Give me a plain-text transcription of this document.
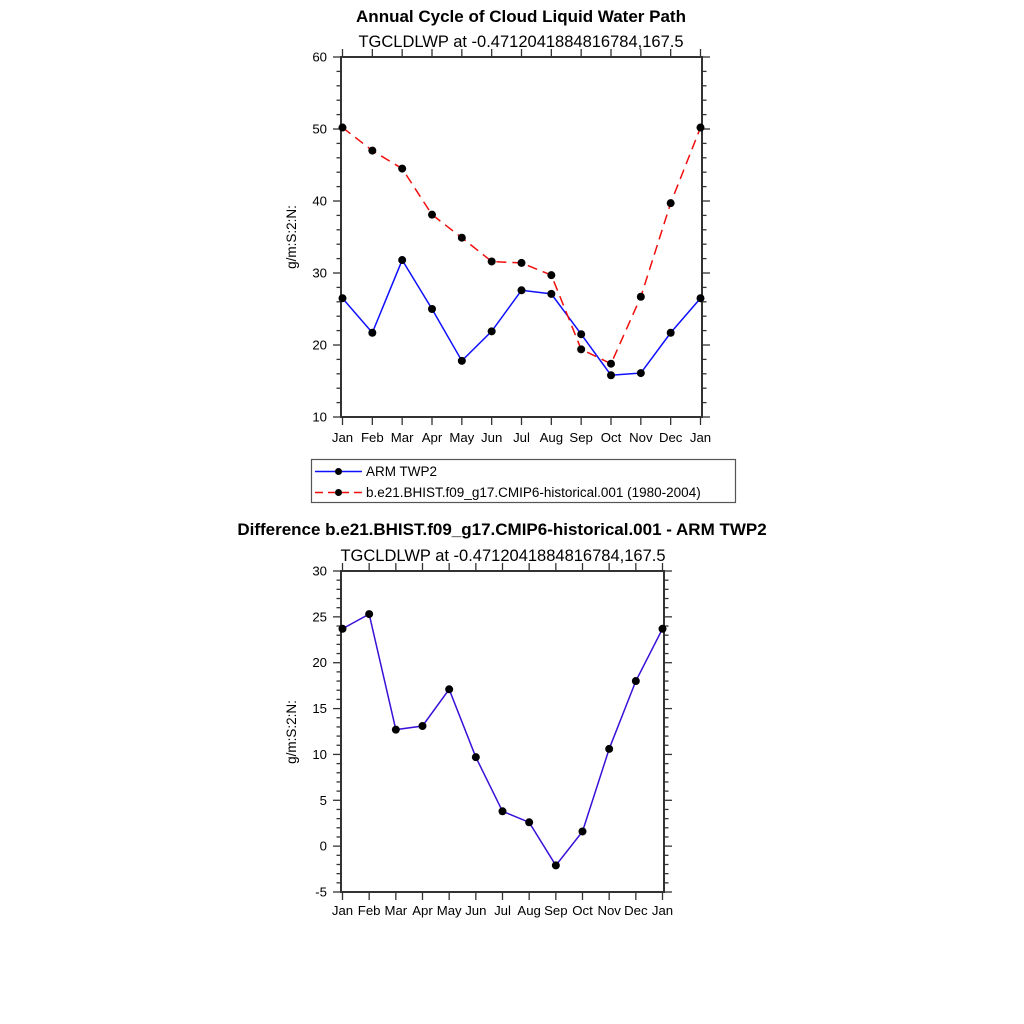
Annual Cycle of Cloud Liquid Water Path
TGCLDLWP at -0.4712041884816784,167.5
g/m:S:2:N:
10
20
30
40
50
60
Jan Feb Mar Apr May Jun Jul Aug Sep Oct Nov Dec Jan
ARM TWP2
b.e21.BHIST.f09_g17.CMIP6-historical.001 (1980-2004)
Difference b.e21.BHIST.f09_g17.CMIP6-historical.001 - ARM TWP2
TGCLDLWP at -0.4712041884816784,167.5
g/m:S:2:N:
-5
0
5
10
15
20
25
30
Jan Feb Mar Apr May Jun Jul Aug Sep Oct Nov Dec Jan
